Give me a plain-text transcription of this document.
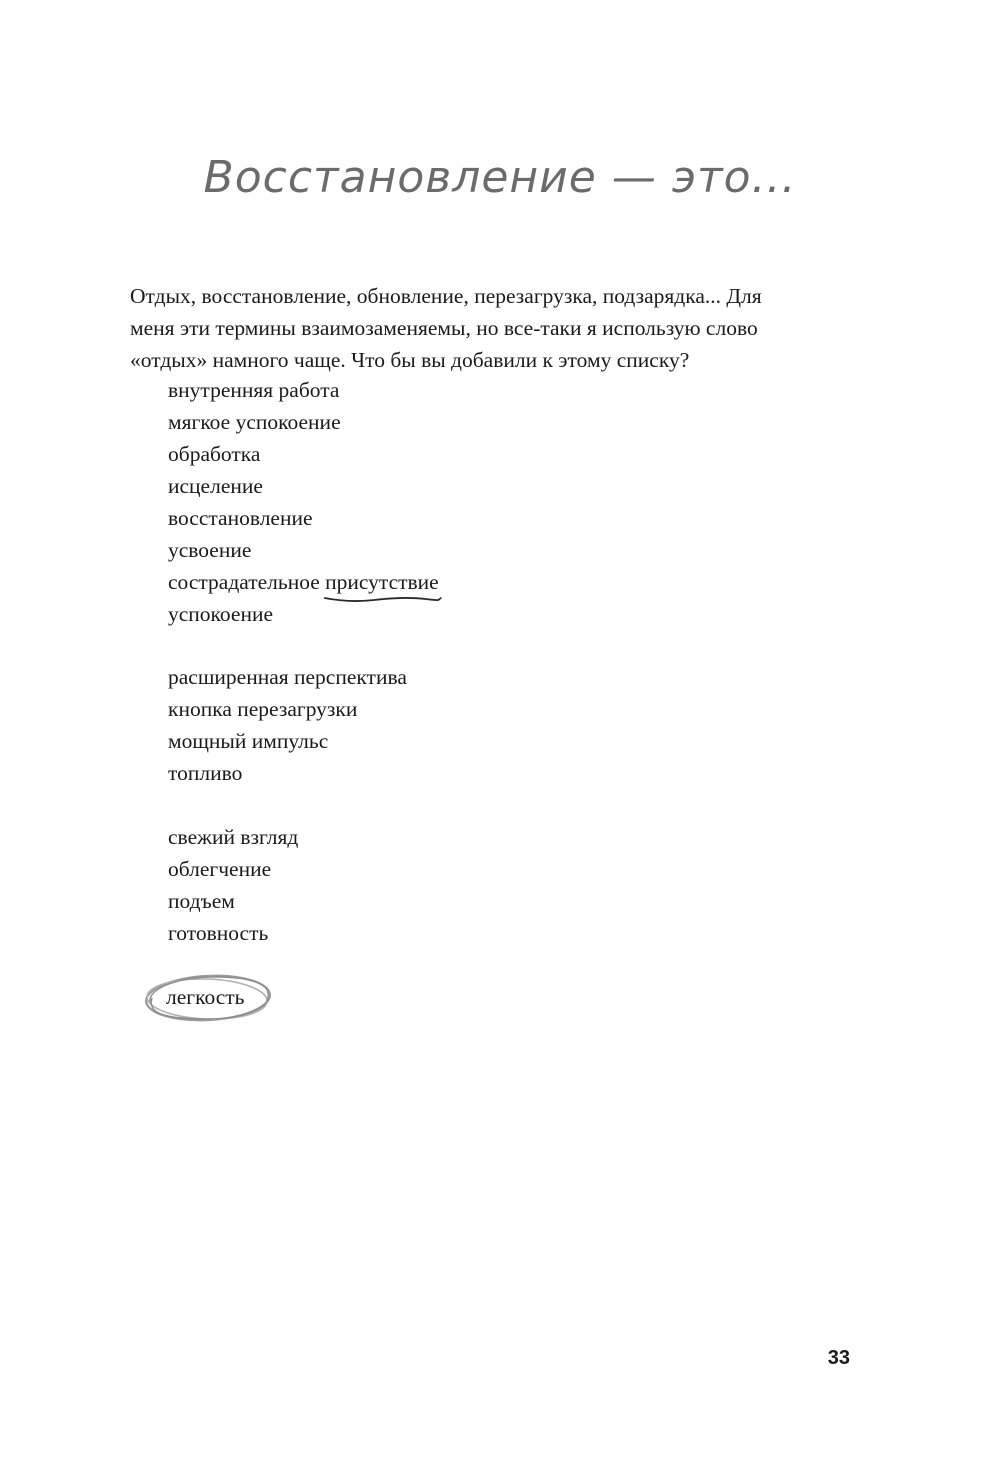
Восстановление — это...

Отдых, восстановление, обновление, перезагрузка, подзарядка... Для
меня эти термины взаимозаменяемы, но все-таки я использую слово
«отдых» намного чаще. Что бы вы добавили к этому списку?

внутренняя работа
мягкое успокоение
обработка
исцеление
восстановление
усвоение
сострадательное присутствие
успокоение
расширенная перспектива
кнопка перезагрузки
мощный импульс
топливо
свежий взгляд
облегчение
подъем
готовность
легкость
33
